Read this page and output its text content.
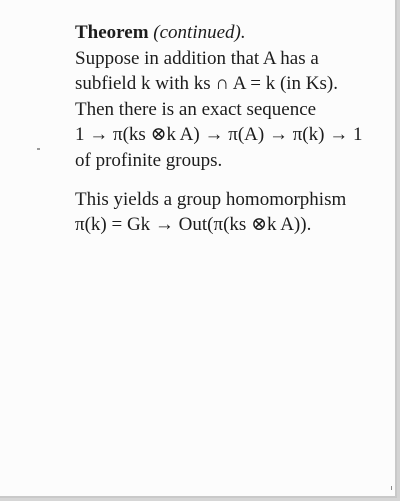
Theorem (continued).
Suppose in addition that A has a
subfield k with ks ∩ A = k (in Ks).
Then there is an exact sequence
1 → π(ks ⊗k A) → π(A) → π(k) → 1
of profinite groups.
This yields a group homomorphism
π(k) = Gk → Out(π(ks ⊗k A)).
